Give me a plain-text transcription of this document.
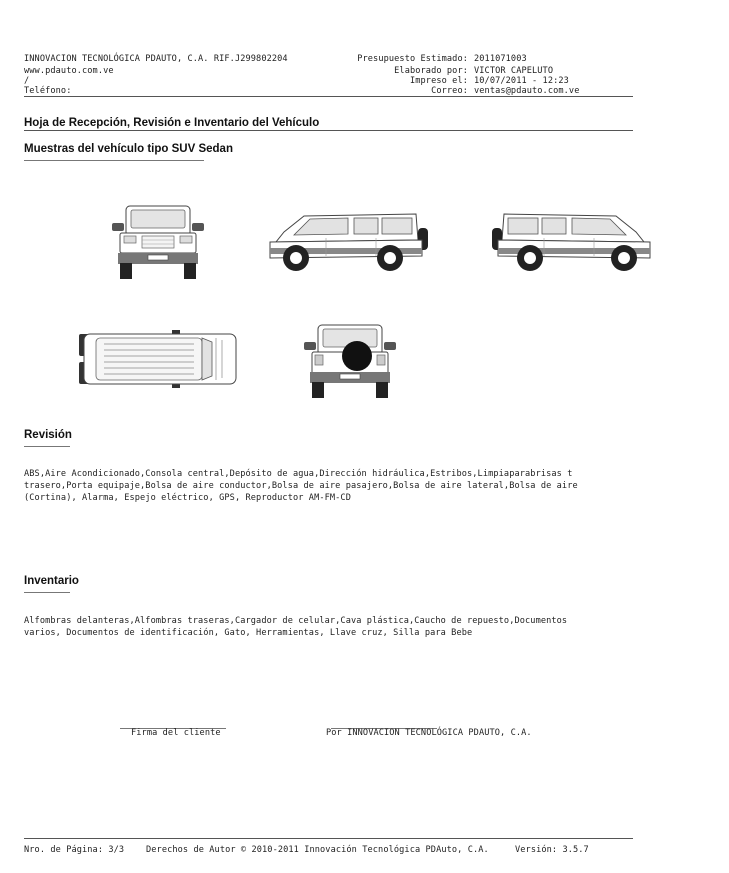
INNOVACION TECNOLÓGICA PDAUTO, C.A. RIF.J299802204
www.pdauto.com.ve
/
Teléfono:
Presupuesto Estimado: 2011071003
Elaborado por: VICTOR CAPELUTO
Impreso el: 10/07/2011 - 12:23
Correo: ventas@pdauto.com.ve
Hoja de Recepción, Revisión e Inventario del Vehículo
Muestras del vehículo tipo SUV Sedan
Revisión
ABS,Aire Acondicionado,Consola central,Depósito de agua,Dirección hidráulica,Estribos,Limpiaparabrisas t trasero,Porta equipaje,Bolsa de aire conductor,Bolsa de aire pasajero,Bolsa de aire lateral,Bolsa de aire (Cortina), Alarma, Espejo eléctrico, GPS, Reproductor AM-FM-CD
Inventario
Alfombras delanteras,Alfombras traseras,Cargador de celular,Cava plástica,Caucho de repuesto,Documentos varios, Documentos de identificación, Gato, Herramientas, Llave cruz, Silla para Bebe
Firma del cliente	Por INNOVACION TECNOLÓGICA PDAUTO, C.A.
Nro. de Página: 3/3	Derechos de Autor © 2010-2011 Innovación Tecnológica PDAuto, C.A.	Versión: 3.5.7
